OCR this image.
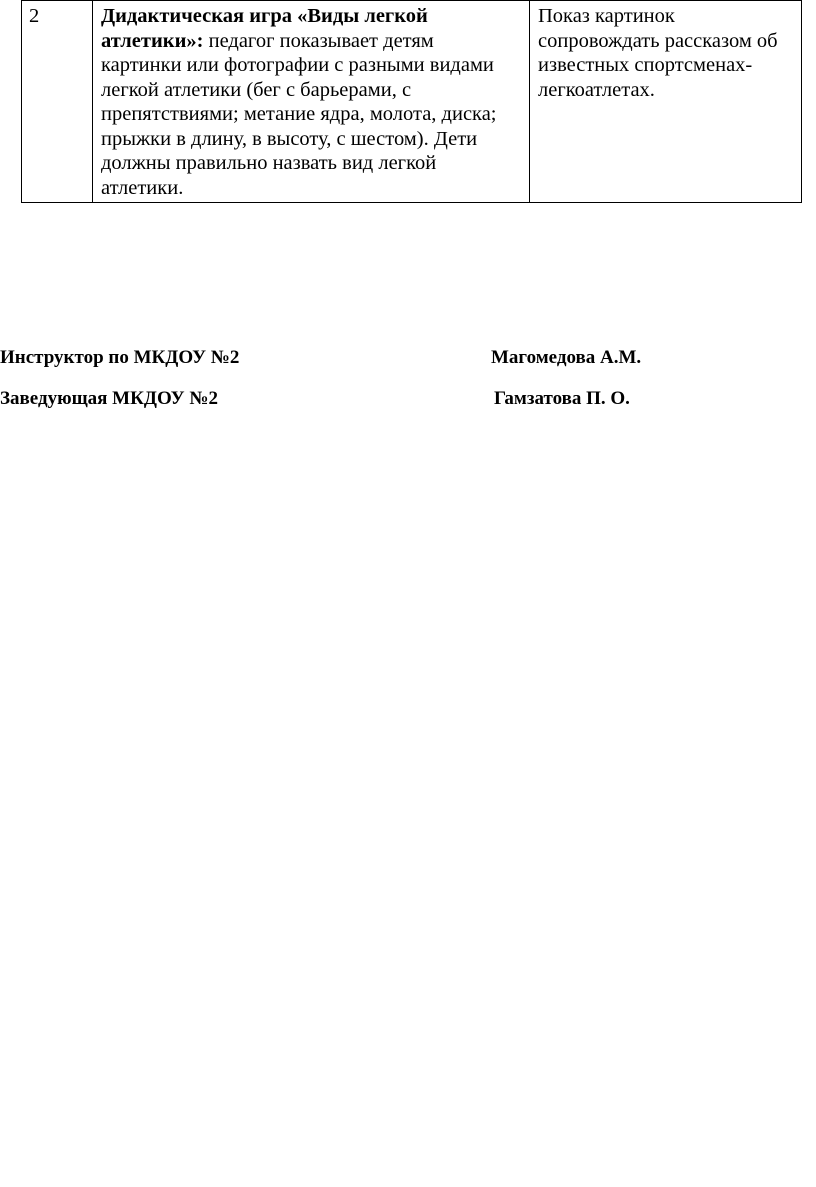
2	Дидактическая игра «Виды легкой атлетики»: педагог показывает детям картинки или фотографии с разными видами легкой атлетики (бег с барьерами, с препятствиями; метание ядра, молота, диска; прыжки в длину, в высоту, с шестом). Дети должны правильно назвать вид легкой атлетики.	Показ картинок сопровождать рассказом об известных спортсменах-легкоатлетах.
Инструктор по МКДОУ №2	Магомедова А.М.
Заведующая МКДОУ №2	Гамзатова П. О.
